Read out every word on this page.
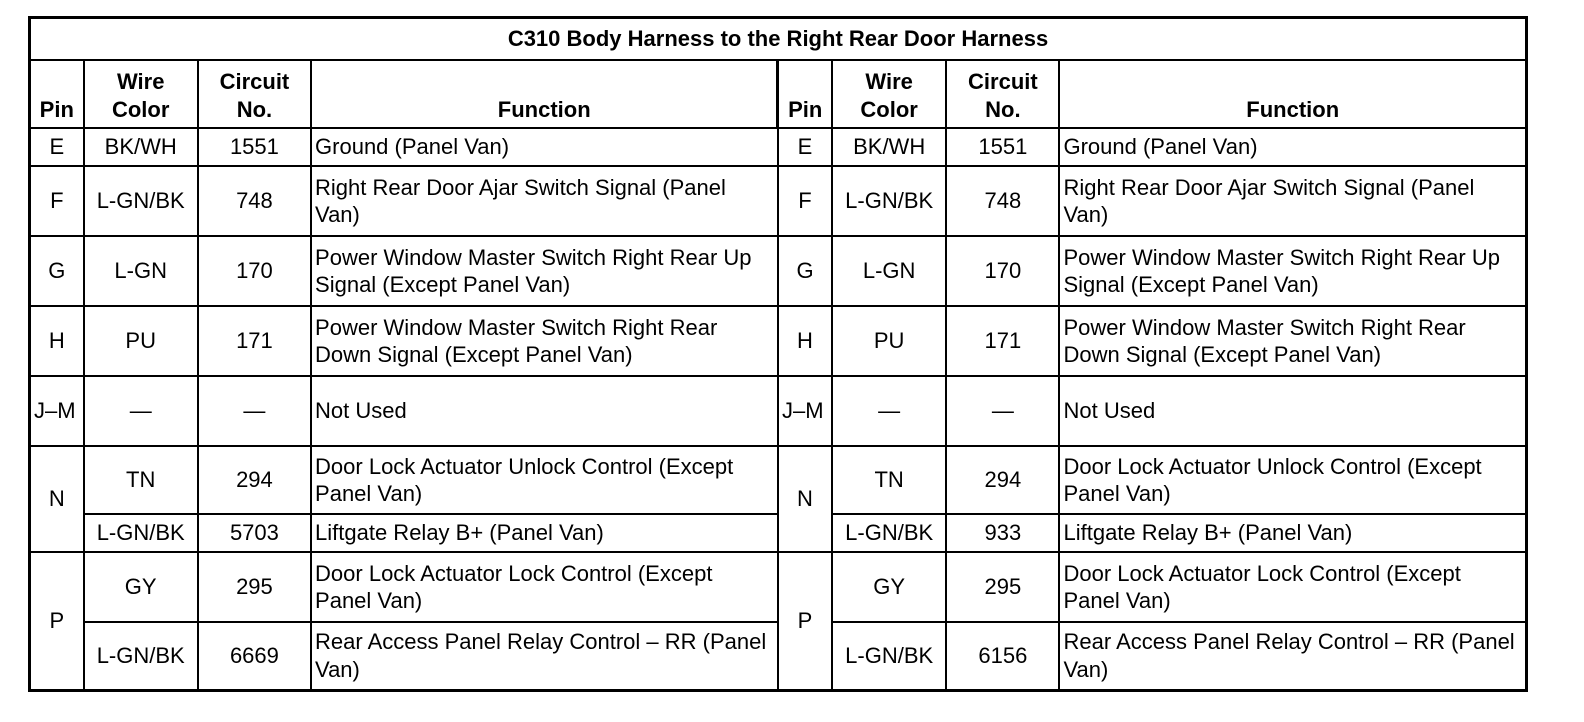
C310 Body Harness to the Right Rear Door Harness							
Pin	Wire Color	Circuit No.	Function	Pin	Wire Color	Circuit No.	Function
E	BK/WH	1551	Ground (Panel Van)	E	BK/WH	1551	Ground (Panel Van)
F	L-GN/BK	748	Right Rear Door Ajar Switch Signal (Panel Van)	F	L-GN/BK	748	Right Rear Door Ajar Switch Signal (Panel Van)
G	L-GN	170	Power Window Master Switch Right Rear Up Signal (Except Panel Van)	G	L-GN	170	Power Window Master Switch Right Rear Up Signal (Except Panel Van)
H	PU	171	Power Window Master Switch Right Rear Down Signal (Except Panel Van)	H	PU	171	Power Window Master Switch Right Rear Down Signal (Except Panel Van)
J–M	—	—	Not Used	J–M	—	—	Not Used
N	TN	294	Door Lock Actuator Unlock Control (Except Panel Van)	N	TN	294	Door Lock Actuator Unlock Control (Except Panel Van)
	L-GN/BK	5703	Liftgate Relay B+ (Panel Van)		L-GN/BK	933	Liftgate Relay B+ (Panel Van)
P	GY	295	Door Lock Actuator Lock Control (Except Panel Van)	P	GY	295	Door Lock Actuator Lock Control (Except Panel Van)
	L-GN/BK	6669	Rear Access Panel Relay Control – RR (Panel Van)		L-GN/BK	6156	Rear Access Panel Relay Control – RR (Panel Van)
